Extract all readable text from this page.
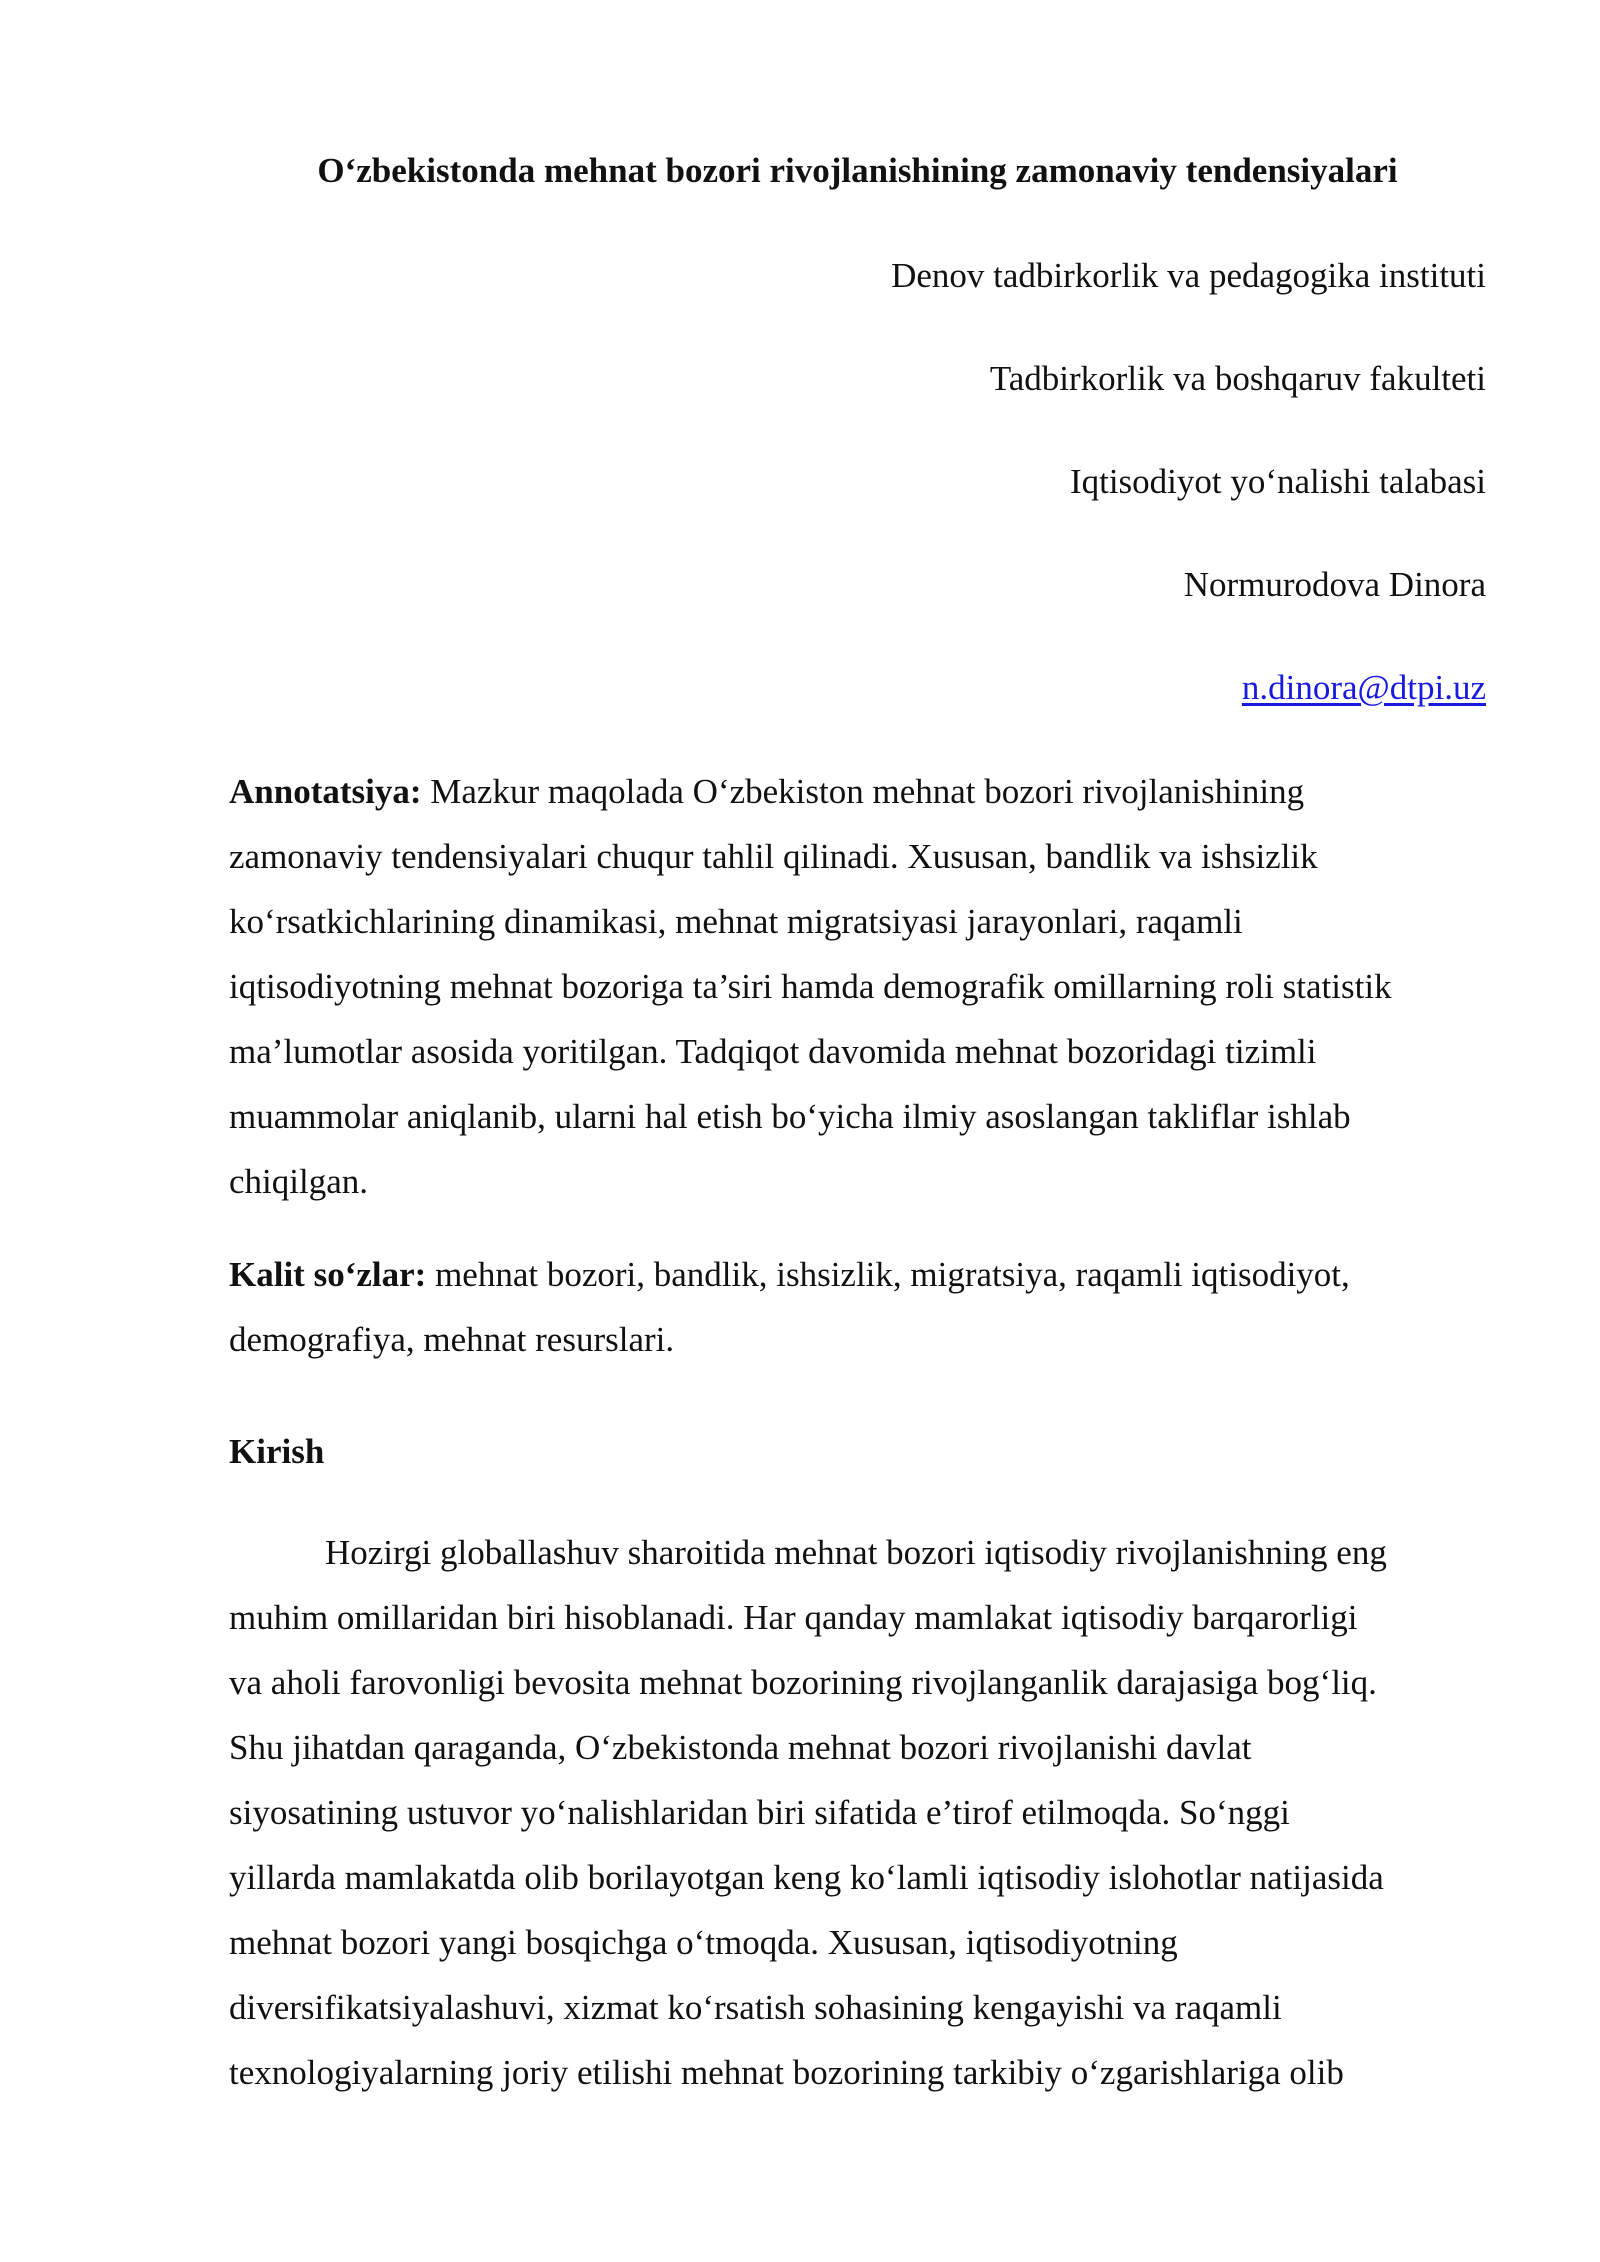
O‘zbekistonda mehnat bozori rivojlanishining zamonaviy tendensiyalari
Denov tadbirkorlik va pedagogika instituti
Tadbirkorlik va boshqaruv fakulteti
Iqtisodiyot yo‘nalishi talabasi
Normurodova Dinora
n.dinora@dtpi.uz
Annotatsiya: Mazkur maqolada O‘zbekiston mehnat bozori rivojlanishining
zamonaviy tendensiyalari chuqur tahlil qilinadi. Xususan, bandlik va ishsizlik
ko‘rsatkichlarining dinamikasi, mehnat migratsiyasi jarayonlari, raqamli
iqtisodiyotning mehnat bozoriga ta’siri hamda demografik omillarning roli statistik
ma’lumotlar asosida yoritilgan. Tadqiqot davomida mehnat bozoridagi tizimli
muammolar aniqlanib, ularni hal etish bo‘yicha ilmiy asoslangan takliflar ishlab
chiqilgan.
Kalit so‘zlar: mehnat bozori, bandlik, ishsizlik, migratsiya, raqamli iqtisodiyot,
demografiya, mehnat resurslari.
Kirish
Hozirgi globallashuv sharoitida mehnat bozori iqtisodiy rivojlanishning eng
muhim omillaridan biri hisoblanadi. Har qanday mamlakat iqtisodiy barqarorligi
va aholi farovonligi bevosita mehnat bozorining rivojlanganlik darajasiga bog‘liq.
Shu jihatdan qaraganda, O‘zbekistonda mehnat bozori rivojlanishi davlat
siyosatining ustuvor yo‘nalishlaridan biri sifatida e’tirof etilmoqda. So‘nggi
yillarda mamlakatda olib borilayotgan keng ko‘lamli iqtisodiy islohotlar natijasida
mehnat bozori yangi bosqichga o‘tmoqda. Xususan, iqtisodiyotning
diversifikatsiyalashuvi, xizmat ko‘rsatish sohasining kengayishi va raqamli
texnologiyalarning joriy etilishi mehnat bozorining tarkibiy o‘zgarishlariga olib
